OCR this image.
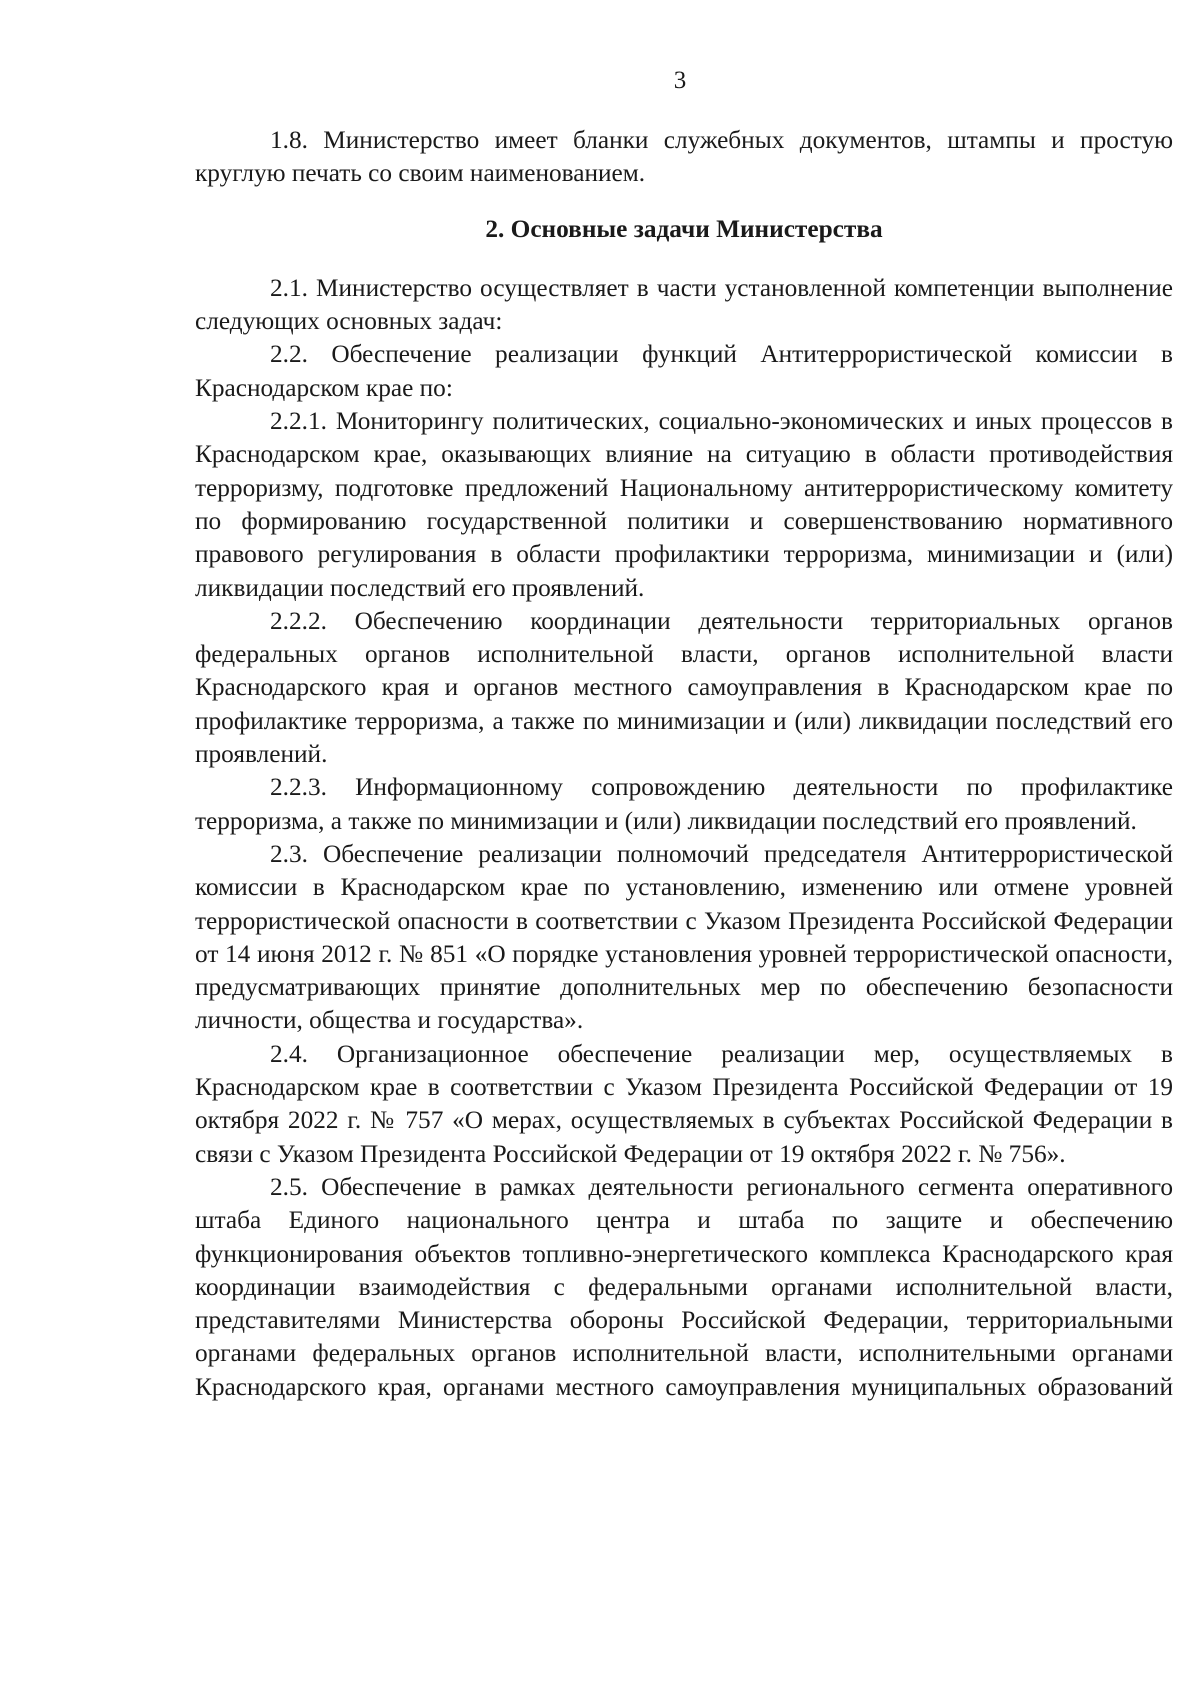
3

1.8. Министерство имеет бланки служебных документов, штампы и простую круглую печать со своим наименованием.

2. Основные задачи Министерства

2.1. Министерство осуществляет в части установленной компетенции выполнение следующих основных задач:

2.2. Обеспечение реализации функций Антитеррористической комиссии в Краснодарском крае по:

2.2.1. Мониторингу политических, социально-экономических и иных процессов в Краснодарском крае, оказывающих влияние на ситуацию в области противодействия терроризму, подготовке предложений Национальному антитеррористическому комитету по формированию государственной политики и совершенствованию нормативного правового регулирования в области профилактики терроризма, минимизации и (или) ликвидации последствий его проявлений.

2.2.2. Обеспечению координации деятельности территориальных органов федеральных органов исполнительной власти, органов исполнительной власти Краснодарского края и органов местного самоуправления в Краснодарском крае по профилактике терроризма, а также по минимизации и (или) ликвидации последствий его проявлений.

2.2.3. Информационному сопровождению деятельности по профилактике терроризма, а также по минимизации и (или) ликвидации последствий его проявлений.

2.3. Обеспечение реализации полномочий председателя Антитеррористической комиссии в Краснодарском крае по установлению, изменению или отмене уровней террористической опасности в соответствии с Указом Президента Российской Федерации от 14 июня 2012 г. № 851 «О порядке установления уровней террористической опасности, предусматривающих принятие дополнительных мер по обеспечению безопасности личности, общества и государства».

2.4. Организационное обеспечение реализации мер, осуществляемых в Краснодарском крае в соответствии с Указом Президента Российской Федерации от 19 октября 2022 г. № 757 «О мерах, осуществляемых в субъектах Российской Федерации в связи с Указом Президента Российской Федерации от 19 октября 2022 г. № 756».

2.5. Обеспечение в рамках деятельности регионального сегмента оперативного штаба Единого национального центра и штаба по защите и обеспечению функционирования объектов топливно-энергетического комплекса Краснодарского края координации взаимодействия с федеральными органами исполнительной власти, представителями Министерства обороны Российской Федерации, территориальными органами федеральных органов исполнительной власти, исполнительными органами Краснодарского края, органами местного самоуправления муниципальных образований
